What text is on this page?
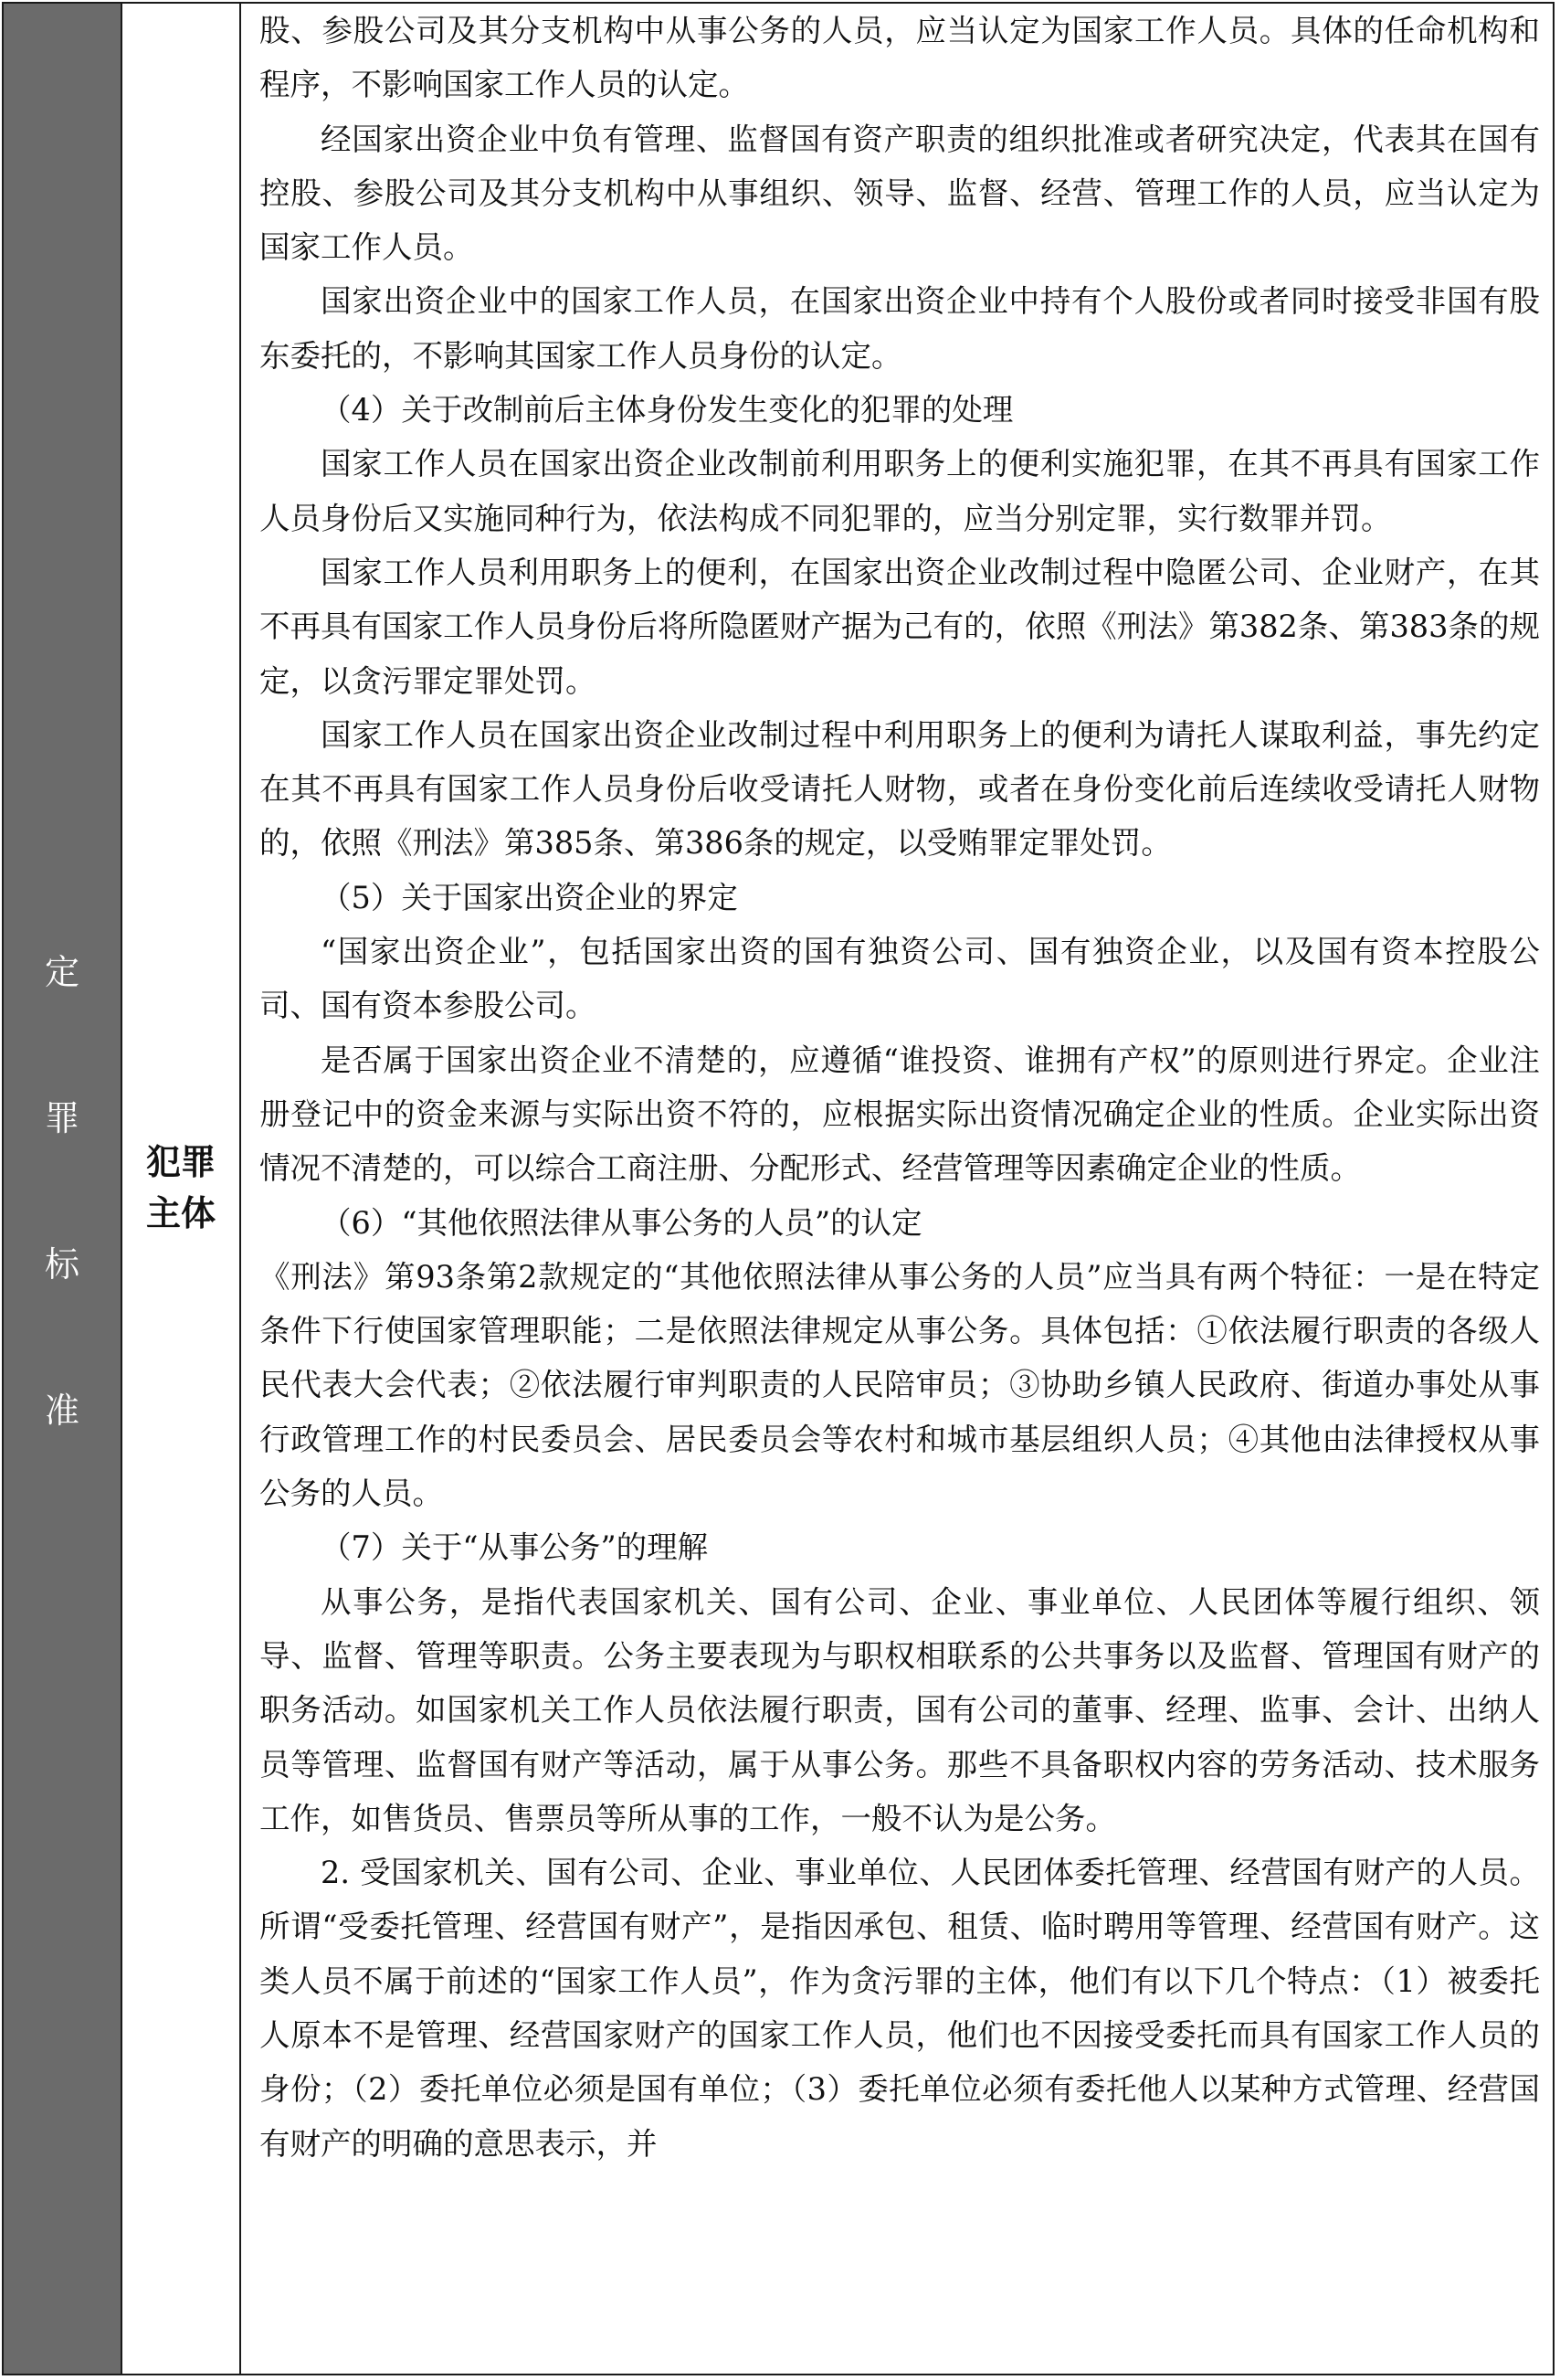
定
罪
标
准
犯罪
主体

股、参股公司及其分支机构中从事公务的人员，应当认定为国家工作人员。具体的任命机构和程序，不影响国家工作人员的认定。

经国家出资企业中负有管理、监督国有资产职责的组织批准或者研究决定，代表其在国有控股、参股公司及其分支机构中从事组织、领导、监督、经营、管理工作的人员，应当认定为国家工作人员。

国家出资企业中的国家工作人员，在国家出资企业中持有个人股份或者同时接受非国有股东委托的，不影响其国家工作人员身份的认定。

（4）关于改制前后主体身份发生变化的犯罪的处理

国家工作人员在国家出资企业改制前利用职务上的便利实施犯罪，在其不再具有国家工作人员身份后又实施同种行为，依法构成不同犯罪的，应当分别定罪，实行数罪并罚。

国家工作人员利用职务上的便利，在国家出资企业改制过程中隐匿公司、企业财产，在其不再具有国家工作人员身份后将所隐匿财产据为己有的，依照《刑法》第382条、第383条的规定，以贪污罪定罪处罚。

国家工作人员在国家出资企业改制过程中利用职务上的便利为请托人谋取利益，事先约定在其不再具有国家工作人员身份后收受请托人财物，或者在身份变化前后连续收受请托人财物的，依照《刑法》第385条、第386条的规定，以受贿罪定罪处罚。

（5）关于国家出资企业的界定

“国家出资企业”，包括国家出资的国有独资公司、国有独资企业，以及国有资本控股公司、国有资本参股公司。

是否属于国家出资企业不清楚的，应遵循“谁投资、谁拥有产权”的原则进行界定。企业注册登记中的资金来源与实际出资不符的，应根据实际出资情况确定企业的性质。企业实际出资情况不清楚的，可以综合工商注册、分配形式、经营管理等因素确定企业的性质。

（6）“其他依照法律从事公务的人员”的认定

《刑法》第93条第2款规定的“其他依照法律从事公务的人员”应当具有两个特征：一是在特定条件下行使国家管理职能；二是依照法律规定从事公务。具体包括：①依法履行职责的各级人民代表大会代表；②依法履行审判职责的人民陪审员；③协助乡镇人民政府、街道办事处从事行政管理工作的村民委员会、居民委员会等农村和城市基层组织人员；④其他由法律授权从事公务的人员。

（7）关于“从事公务”的理解

从事公务，是指代表国家机关、国有公司、企业、事业单位、人民团体等履行组织、领导、监督、管理等职责。公务主要表现为与职权相联系的公共事务以及监督、管理国有财产的职务活动。如国家机关工作人员依法履行职责，国有公司的董事、经理、监事、会计、出纳人员等管理、监督国有财产等活动，属于从事公务。那些不具备职权内容的劳务活动、技术服务工作，如售货员、售票员等所从事的工作，一般不认为是公务。

2. 受国家机关、国有公司、企业、事业单位、人民团体委托管理、经营国有财产的人员。所谓“受委托管理、经营国有财产”，是指因承包、租赁、临时聘用等管理、经营国有财产。这类人员不属于前述的“国家工作人员”，作为贪污罪的主体，他们有以下几个特点：（1）被委托人原本不是管理、经营国家财产的国家工作人员，他们也不因接受委托而具有国家工作人员的身份；（2）委托单位必须是国有单位；（3）委托单位必须有委托他人以某种方式管理、经营国有财产的明确的意思表示，并
